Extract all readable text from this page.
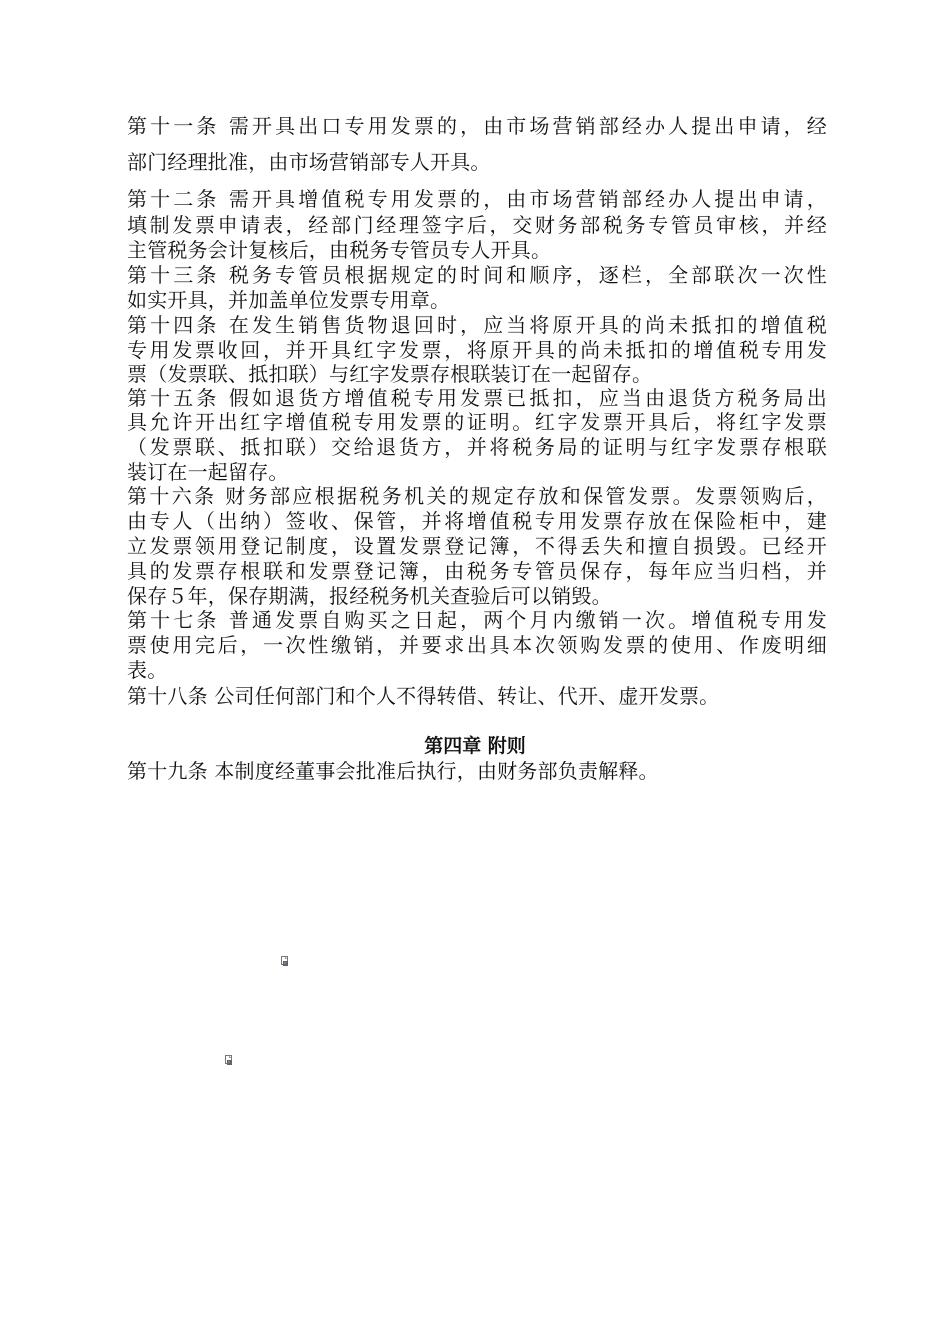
第十一条 需开具出口专用发票的，由市场营销部经办人提出申请，经

部门经理批准，由市场营销部专人开具。

第十二条 需开具增值税专用发票的，由市场营销部经办人提出申请，

填制发票申请表，经部门经理签字后，交财务部税务专管员审核，并经

主管税务会计复核后，由税务专管员专人开具。

第十三条 税务专管员根据规定的时间和顺序，逐栏，全部联次一次性

如实开具，并加盖单位发票专用章。

第十四条 在发生销售货物退回时，应当将原开具的尚未抵扣的增值税

专用发票收回，并开具红字发票，将原开具的尚未抵扣的增值税专用发

票（发票联、抵扣联）与红字发票存根联装订在一起留存。

第十五条 假如退货方增值税专用发票已抵扣，应当由退货方税务局出

具允许开出红字增值税专用发票的证明。红字发票开具后，将红字发票

（发票联、抵扣联）交给退货方，并将税务局的证明与红字发票存根联

装订在一起留存。

第十六条 财务部应根据税务机关的规定存放和保管发票。发票领购后，

由专人（出纳）签收、保管，并将增值税专用发票存放在保险柜中，建

立发票领用登记制度，设置发票登记簿，不得丢失和擅自损毁。已经开

具的发票存根联和发票登记簿，由税务专管员保存，每年应当归档，并

保存５年，保存期满，报经税务机关查验后可以销毁。

第十七条 普通发票自购买之日起，两个月内缴销一次。增值税专用发

票使用完后，一次性缴销，并要求出具本次领购发票的使用、作废明细

表。

第十八条 公司任何部门和个人不得转借、转让、代开、虚开发票。

第四章 附则

第十九条 本制度经董事会批准后执行，由财务部负责解释。
